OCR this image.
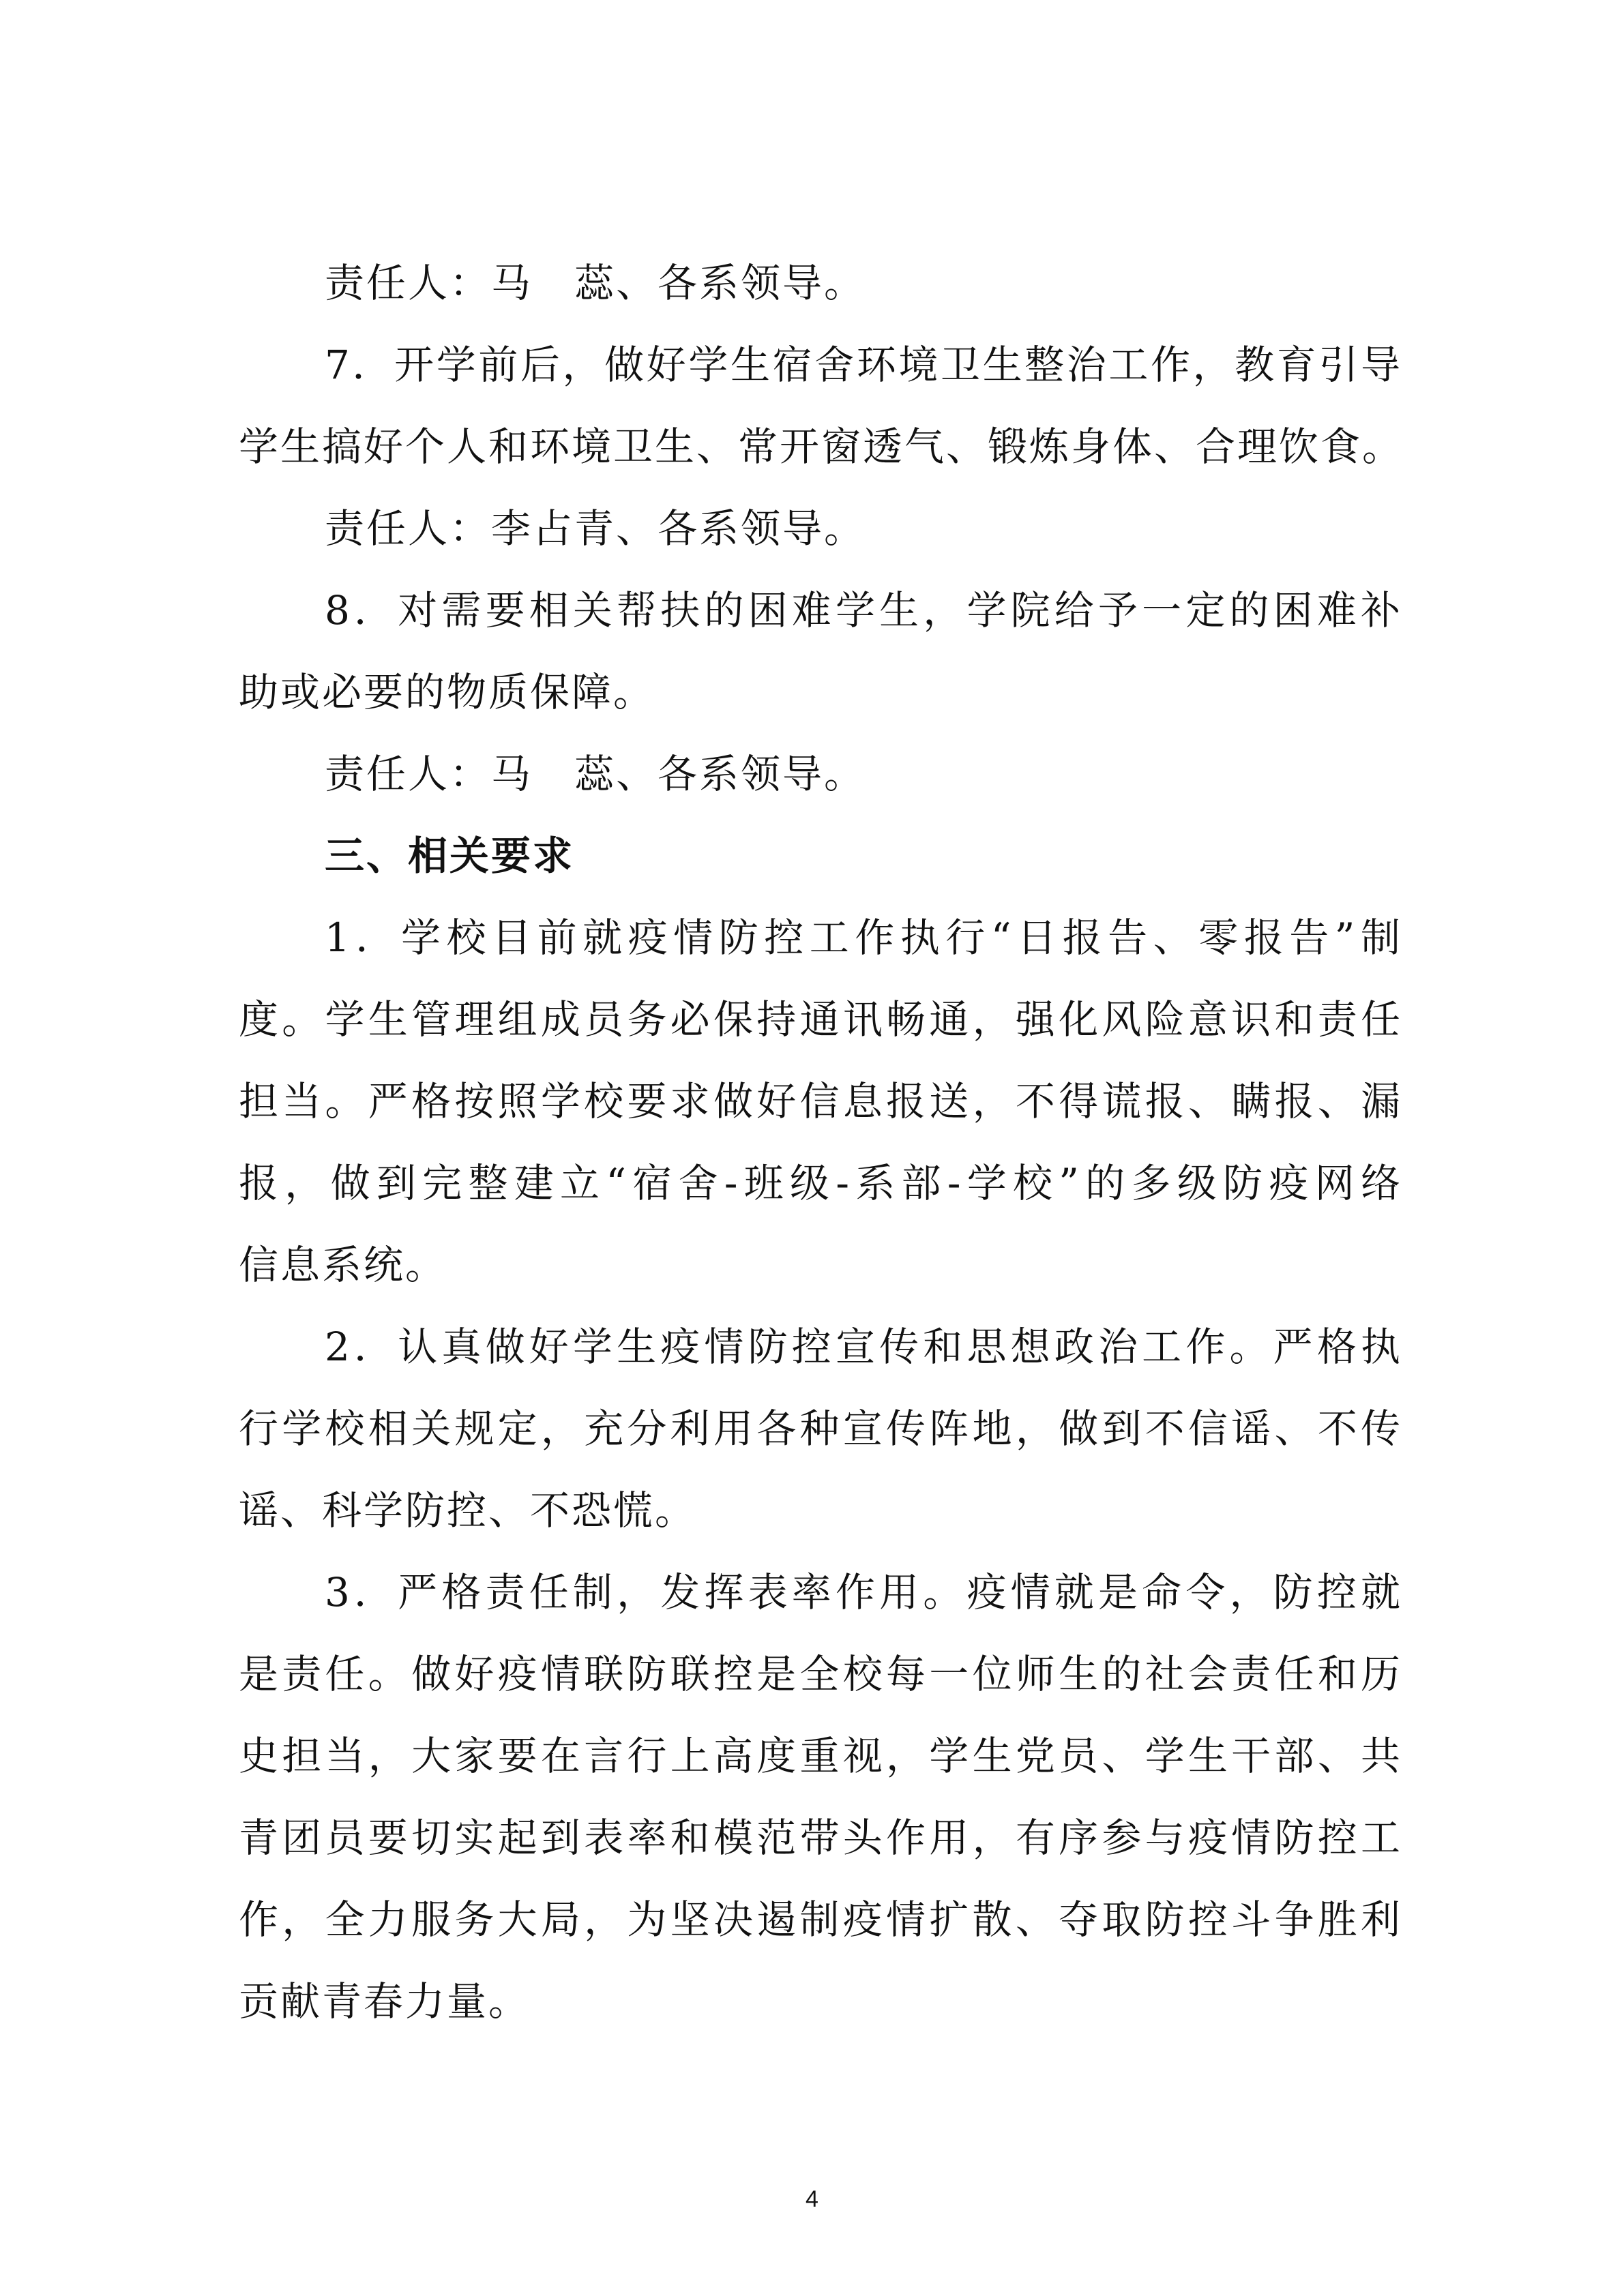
责任人：马　蕊、各系领导。
7．开学前后，做好学生宿舍环境卫生整治工作，教育引导
学生搞好个人和环境卫生、常开窗透气、锻炼身体、合理饮食。
责任人：李占青、各系领导。
8．对需要相关帮扶的困难学生，学院给予一定的困难补
助或必要的物质保障。
责任人：马　蕊、各系领导。
三、相关要求
1．学校目前就疫情防控工作执行“日报告、零报告”制
度。学生管理组成员务必保持通讯畅通，强化风险意识和责任
担当。严格按照学校要求做好信息报送，不得谎报、瞒报、漏
报，做到完整建立“宿舍-班级-系部-学校”的多级防疫网络
信息系统。
2．认真做好学生疫情防控宣传和思想政治工作。严格执
行学校相关规定，充分利用各种宣传阵地，做到不信谣、不传
谣、科学防控、不恐慌。
3．严格责任制，发挥表率作用。疫情就是命令，防控就
是责任。做好疫情联防联控是全校每一位师生的社会责任和历
史担当，大家要在言行上高度重视，学生党员、学生干部、共
青团员要切实起到表率和模范带头作用，有序参与疫情防控工
作，全力服务大局，为坚决遏制疫情扩散、夺取防控斗争胜利
贡献青春力量。
4
